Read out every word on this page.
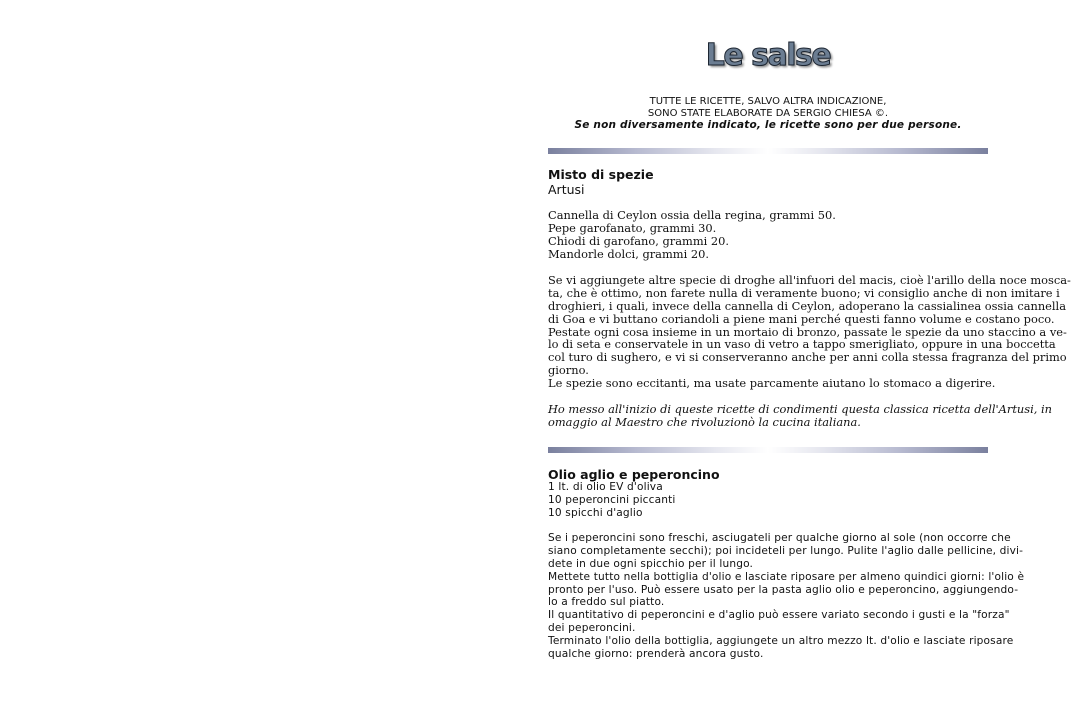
Le salse
TUTTE LE RICETTE, SALVO ALTRA INDICAZIONE,
SONO STATE ELABORATE DA SERGIO CHIESA ©.
Se non diversamente indicato, le ricette sono per due persone.
Misto di spezie
Artusi
Cannella di Ceylon ossia della regina, grammi 50.
Pepe garofanato, grammi 30.
Chiodi di garofano, grammi 20.
Mandorle dolci, grammi 20.
Se vi aggiungete altre specie di droghe all'infuori del macis, cioè l'arillo della noce mosca-
ta, che è ottimo, non farete nulla di veramente buono; vi consiglio anche di non imitare i
droghieri, i quali, invece della cannella di Ceylon, adoperano la cassialinea ossia cannella
di Goa e vi buttano coriandoli a piene mani perché questi fanno volume e costano poco.
Pestate ogni cosa insieme in un mortaio di bronzo, passate le spezie da uno staccino a ve-
lo di seta e conservatele in un vaso di vetro a tappo smerigliato, oppure in una boccetta
col turo di sughero, e vi si conserveranno anche per anni colla stessa fragranza del primo
giorno.
Le spezie sono eccitanti, ma usate parcamente aiutano lo stomaco a digerire.
Ho messo all'inizio di queste ricette di condimenti questa classica ricetta dell'Artusi, in
omaggio al Maestro che rivoluzionò la cucina italiana.
Olio aglio e peperoncino
1 lt. di olio EV d'oliva
10 peperoncini piccanti
10 spicchi d'aglio
Se i peperoncini sono freschi, asciugateli per qualche giorno al sole (non occorre che
siano completamente secchi); poi incideteli per lungo. Pulite l'aglio dalle pellicine, divi-
dete in due ogni spicchio per il lungo.
Mettete tutto nella bottiglia d'olio e lasciate riposare per almeno quindici giorni: l'olio è
pronto per l'uso. Può essere usato per la pasta aglio olio e peperoncino, aggiungendo-
lo a freddo sul piatto.
Il quantitativo di peperoncini e d'aglio può essere variato secondo i gusti e la "forza"
dei peperoncini.
Terminato l'olio della bottiglia, aggiungete un altro mezzo lt. d'olio e lasciate riposare
qualche giorno: prenderà ancora gusto.
